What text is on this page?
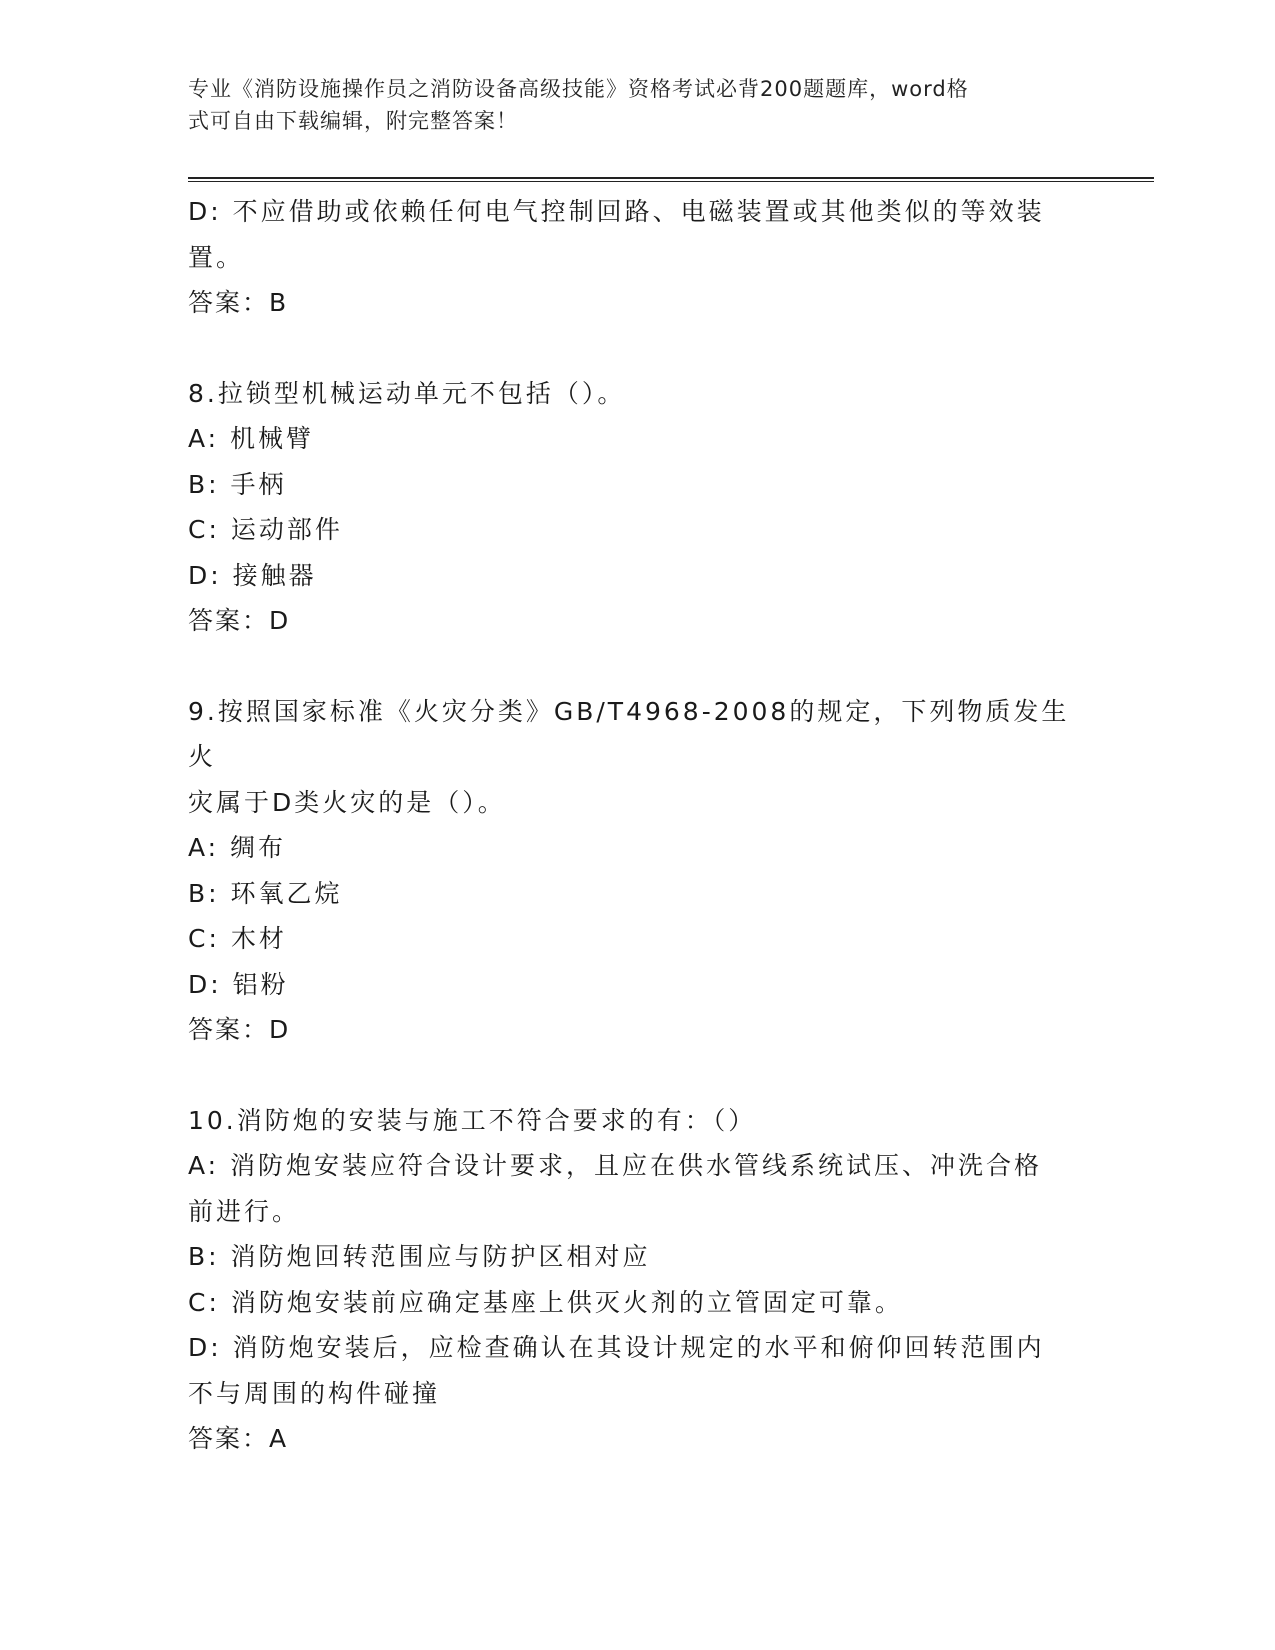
专业《消防设施操作员之消防设备高级技能》资格考试必背200题题库，word格
式可自由下载编辑，附完整答案！
D: 不应借助或依赖任何电气控制回路、电磁装置或其他类似的等效装
置。
答案：B
8.拉锁型机械运动单元不包括（）。
A: 机械臂
B: 手柄
C: 运动部件
D: 接触器
答案：D
9.按照国家标准《火灾分类》GB/T4968-2008的规定，下列物质发生火
灾属于D类火灾的是（）。
A: 绸布
B: 环氧乙烷
C: 木材
D: 铝粉
答案：D
10.消防炮的安装与施工不符合要求的有：（）
A: 消防炮安装应符合设计要求，且应在供水管线系统试压、冲洗合格
前进行。
B: 消防炮回转范围应与防护区相对应
C: 消防炮安装前应确定基座上供灭火剂的立管固定可靠。
D: 消防炮安装后，应检查确认在其设计规定的水平和俯仰回转范围内
不与周围的构件碰撞
答案：A
